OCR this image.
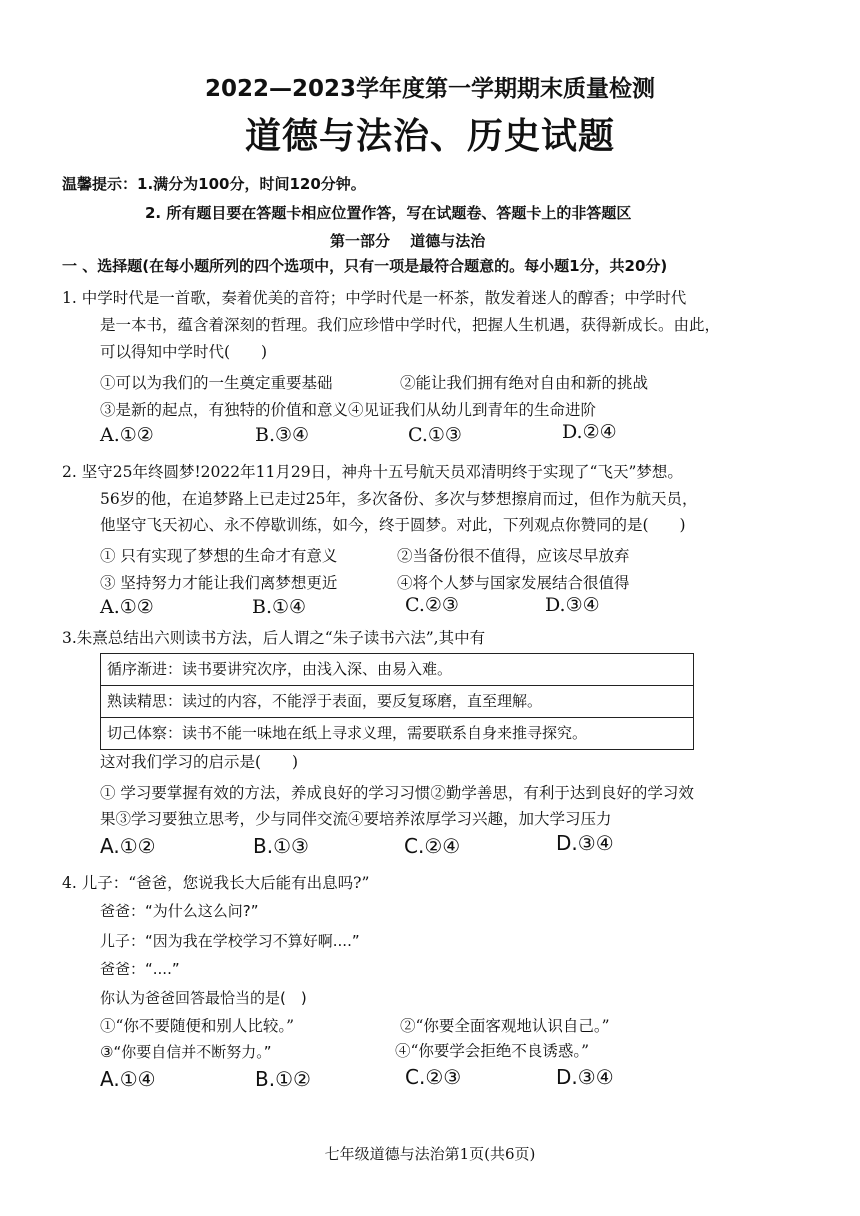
2022—2023学年度第一学期期末质量检测
道德与法治、历史试题
温馨提示：1.满分为100分，时间120分钟。
2. 所有题目要在答题卡相应位置作答，写在试题卷、答题卡上的非答题区
第一部分　 道德与法治
一 、选择题(在每小题所列的四个选项中，只有一项是最符合题意的。每小题1分，共20分)
1. 中学时代是一首歌，奏着优美的音符；中学时代是一杯茶，散发着迷人的醇香；中学时代
是一本书，蕴含着深刻的哲理。我们应珍惜中学时代，把握人生机遇，获得新成长。由此，
可以得知中学时代(　　)
①可以为我们的一生奠定重要基础	②能让我们拥有绝对自由和新的挑战
③是新的起点，有独特的价值和意义④见证我们从幼儿到青年的生命进阶
A.①②	B.③④	C.①③	D.②④
2. 坚守25年终圆梦!2022年11月29日，神舟十五号航天员邓清明终于实现了“飞天”梦想。
56岁的他，在追梦路上已走过25年，多次备份、多次与梦想擦肩而过，但作为航天员，
他坚守飞天初心、永不停歇训练，如今，终于圆梦。对此，下列观点你赞同的是(　　)
① 只有实现了梦想的生命才有意义	②当备份很不值得，应该尽早放弃
③ 坚持努力才能让我们离梦想更近	④将个人梦与国家发展结合很值得
A.①②	B.①④	C.②③	D.③④
3.朱熹总结出六则读书方法，后人谓之“朱子读书六法”,其中有
循序渐进：读书要讲究次序，由浅入深、由易入难。
熟读精思：读过的内容，不能浮于表面，要反复琢磨，直至理解。
切己体察：读书不能一味地在纸上寻求义理，需要联系自身来推寻探究。
这对我们学习的启示是(　　)
① 学习要掌握有效的方法，养成良好的学习习惯②勤学善思，有利于达到良好的学习效
果③学习要独立思考，少与同伴交流④要培养浓厚学习兴趣，加大学习压力
A.①②	B.①③	C.②④	D.③④
4. 儿子：“爸爸，您说我长大后能有出息吗?”
爸爸：“为什么这么问?”
儿子：“因为我在学校学习不算好啊....”
爸爸：“....”
你认为爸爸回答最恰当的是(　)
①“你不要随便和别人比较。”	②“你要全面客观地认识自己。”
③“你要自信并不断努力。”	④“你要学会拒绝不良诱惑。”
A.①④	B.①②	C.②③	D.③④
七年级道德与法治第1页(共6页)
